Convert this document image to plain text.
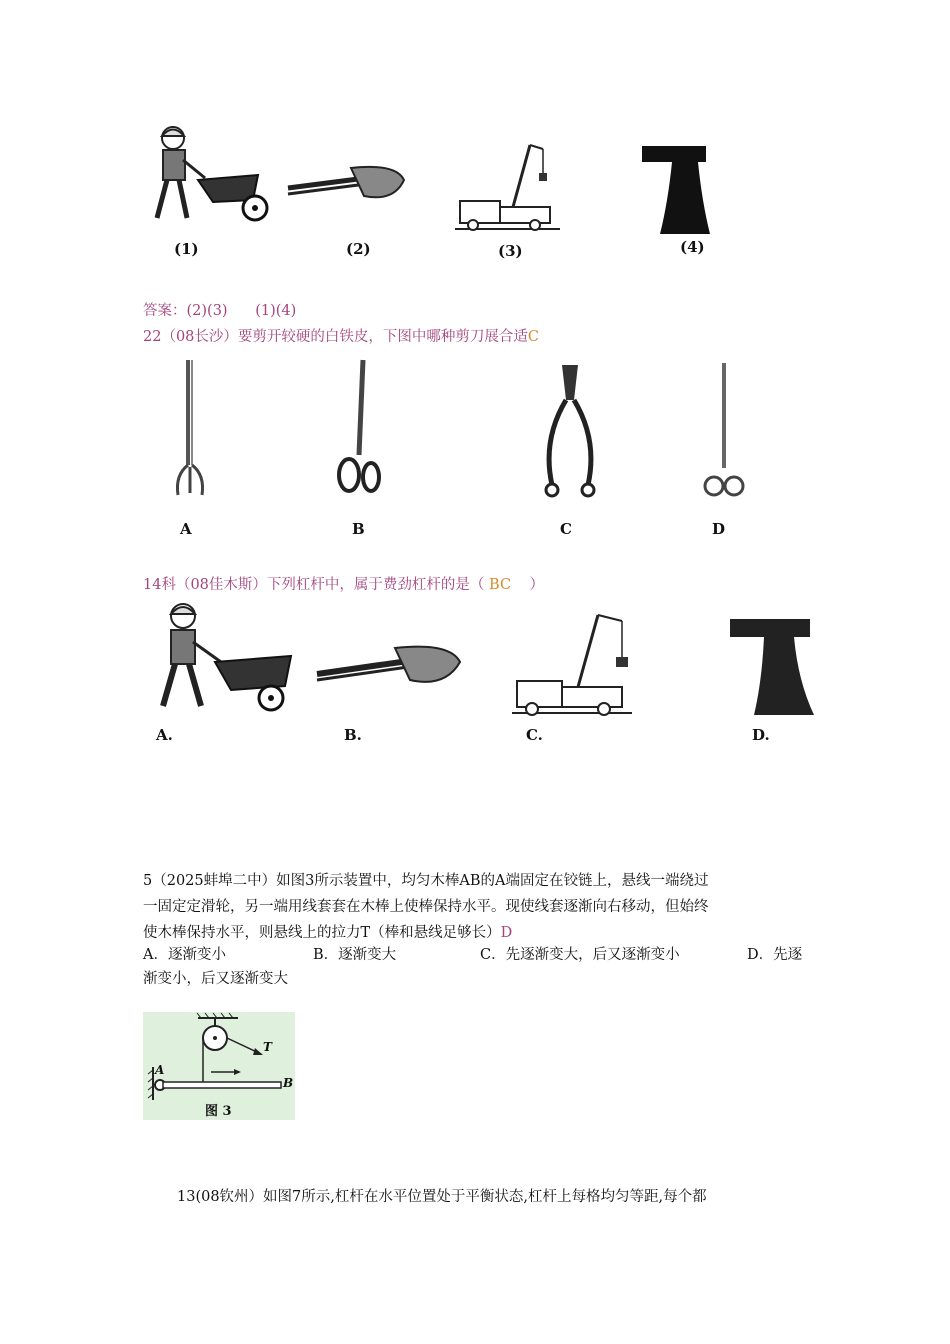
(1)	(2)	(3)	(4)
答案：(2)(3)      (1)(4)
22（08长沙）要剪开较硬的白铁皮，下图中哪种剪刀展合适C
A	B	C	D
14科（08佳木斯）下列杠杆中，属于费劲杠杆的是（ BC    ）
A.	B.	C.	D.
5（2025蚌埠二中）如图3所示装置中，均匀木棒AB的A端固定在铰链上，悬线一端绕过
一固定定滑轮，另一端用线套套在木棒上使棒保持水平。现使线套逐渐向右移动，但始终
使木棒保持水平，则悬线上的拉力T（棒和悬线足够长）D
A．逐渐变小	B．逐渐变大	C．先逐渐变大，后又逐渐变小	D．先逐
渐变小，后又逐渐变大
A
B
T
图 3
13(08钦州）如图7所示,杠杆在水平位置处于平衡状态,杠杆上每格均匀等距,每个都
